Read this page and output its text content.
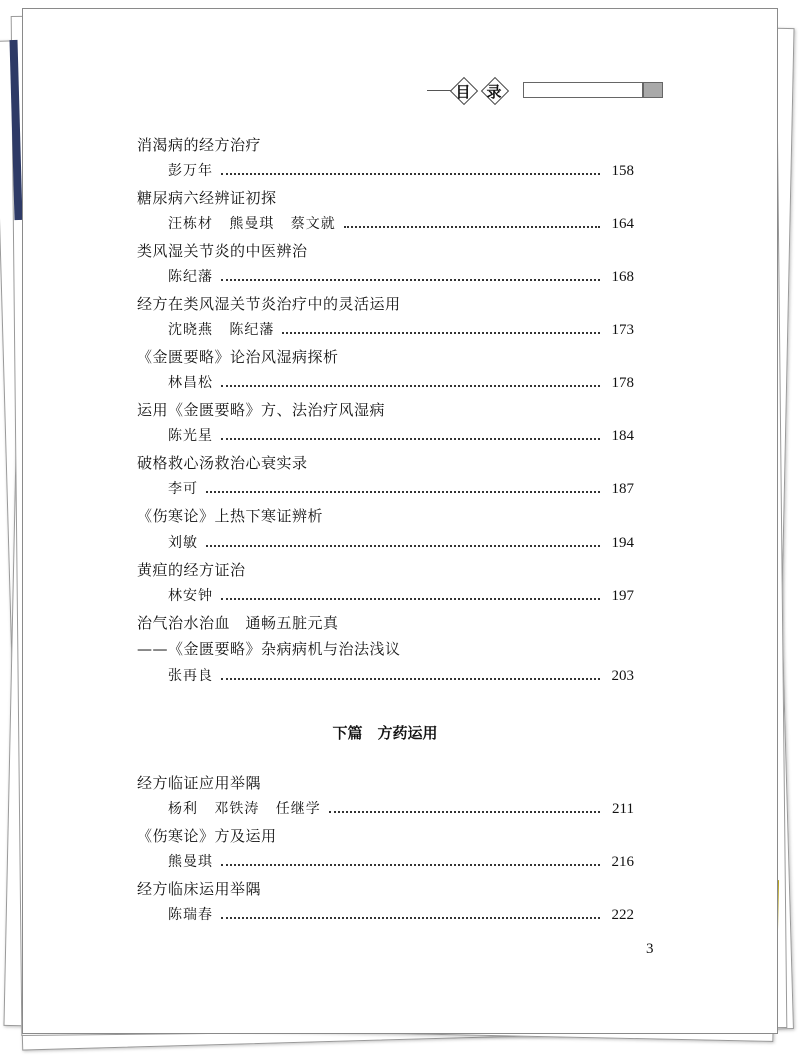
目 录
消渴病的经方治疗
彭万年	158
糖尿病六经辨证初探
汪栋材   熊曼琪   蔡文就	164
类风湿关节炎的中医辨治
陈纪藩	168
经方在类风湿关节炎治疗中的灵活运用
沈晓燕   陈纪藩	173
《金匮要略》论治风湿病探析
林昌松	178
运用《金匮要略》方、法治疗风湿病
陈光星	184
破格救心汤救治心衰实录
李可	187
《伤寒论》上热下寒证辨析
刘敏	194
黄疸的经方证治
林安钟	197
治气治水治血　通畅五脏元真
——《金匮要略》杂病病机与治法浅议
张再良	203
下篇　方药运用
经方临证应用举隅
杨利   邓铁涛   任继学	211
《伤寒论》方及运用
熊曼琪	216
经方临床运用举隅
陈瑞春	222
3
